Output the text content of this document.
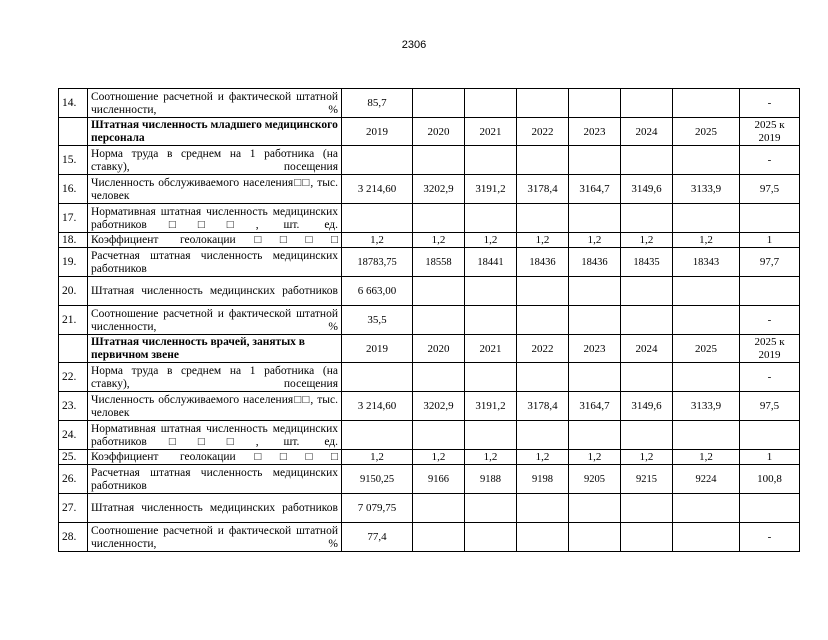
2306
14.	Соотношение расчетной и фактической штатной численности, %	85,7							-
	Штатная численность младшего медицинского персонала	2019	2020	2021	2022	2023	2024	2025	2025 к 2019
15.	Норма труда в среднем на 1 работника (на ставку), посещения								-
16.	Численность обслуживаемого населения□□, тыс. человек	3 214,60	3202,9	3191,2	3178,4	3164,7	3149,6	3133,9	97,5
17.	Нормативная штатная численность медицинских работников□□□, шт. ед.								
18.	Коэффициент геолокации□□□□	1,2	1,2	1,2	1,2	1,2	1,2	1,2	1
19.	Расчетная штатная численность медицинских работников	18783,75	18558	18441	18436	18436	18435	18343	97,7
20.	Штатная численность медицинских работников	6 663,00							
21.	Соотношение расчетной и фактической штатной численности, %	35,5							-
	Штатная численность врачей, занятых в первичном звене	2019	2020	2021	2022	2023	2024	2025	2025 к 2019
22.	Норма труда в среднем на 1 работника (на ставку), посещения								-
23.	Численность обслуживаемого населения□□, тыс. человек	3 214,60	3202,9	3191,2	3178,4	3164,7	3149,6	3133,9	97,5
24.	Нормативная штатная численность медицинских работников□□□, шт. ед.								
25.	Коэффициент геолокации□□□□	1,2	1,2	1,2	1,2	1,2	1,2	1,2	1
26.	Расчетная штатная численность медицинских работников	9150,25	9166	9188	9198	9205	9215	9224	100,8
27.	Штатная численность медицинских работников	7 079,75							
28.	Соотношение расчетной и фактической штатной численности, %	77,4							-
